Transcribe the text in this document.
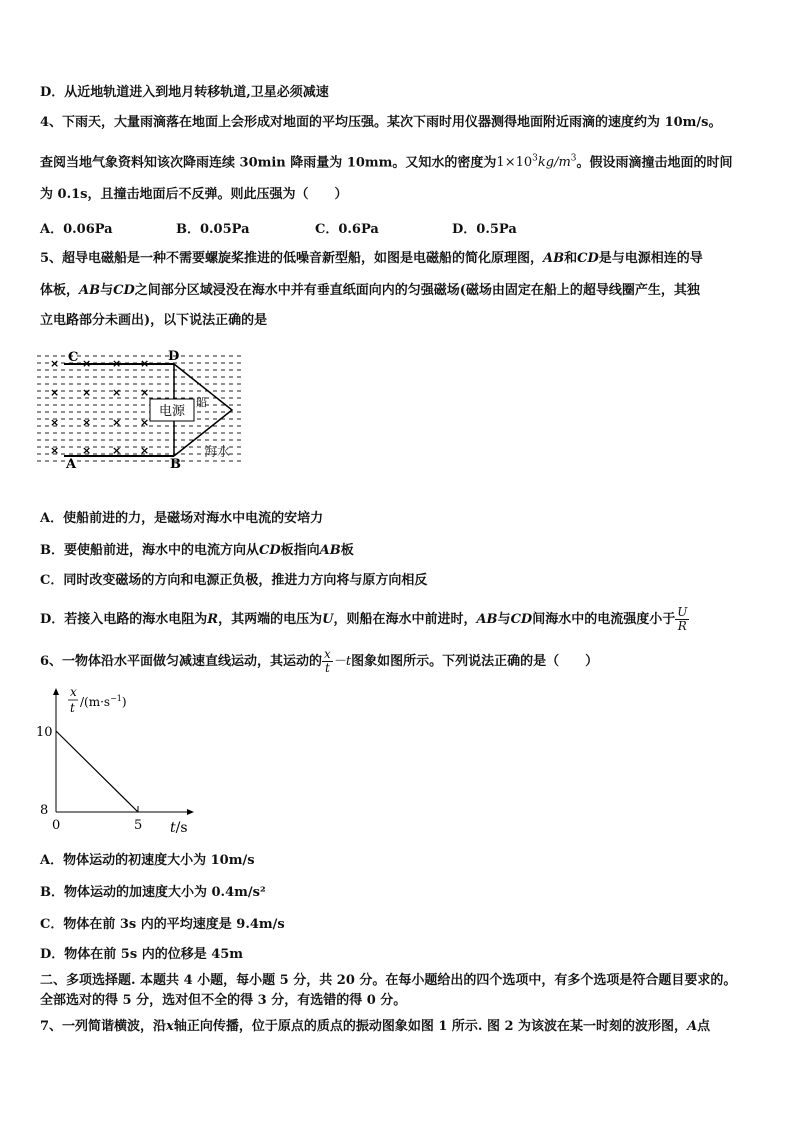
D．从近地轨道进入到地月转移轨道,卫星必须减速
4、下雨天，大量雨滴落在地面上会形成对地面的平均压强。某次下雨时用仪器测得地面附近雨滴的速度约为 10m/s。
查阅当地气象资料知该次降雨连续 30min 降雨量为 10mm。又知水的密度为$1\times 10^3kg/m^3$。假设雨滴撞击地面的时间
为 0.1s，且撞击地面后不反弹。则此压强为（　　）
A．0.06Pa	B．0.05Pa	C．0.6Pa	D．0.5Pa
5、超导电磁船是一种不需要螺旋桨推进的低噪音新型船，如图是电磁船的简化原理图，AB和CD是与电源相连的导
体板，AB与CD之间部分区域浸没在海水中并有垂直纸面向内的匀强磁场(磁场由固定在船上的超导线圈产生，其独
立电路部分未画出)，以下说法正确的是
电源
× × × ×
× × × ×
× × × ×
× × × ×
C	D
A	B
船
海水
A．使船前进的力，是磁场对海水中电流的安培力
B．要使船前进，海水中的电流方向从CD板指向AB板
C．同时改变磁场的方向和电源正负极，推进力方向将与原方向相反
D．若接入电路的海水电阻为R，其两端的电压为U，则船在海水中前进时，AB与CD间海水中的电流强度小于 $\frac{U}{R}$
6、一物体沿水平面做匀减速直线运动，其运动的 $\frac{x}{t} -t$图象如图所示。下列说法正确的是（　　）
x
t $/(m\cdot s^{-1})$
10
8
0	5 t/s
A．物体运动的初速度大小为 10m/s
B．物体运动的加速度大小为 0.4m/s²
C．物体在前 3s 内的平均速度是 9.4m/s
D．物体在前 5s 内的位移是 45m
二、多项选择题. 本题共 4 小题，每小题 5 分，共 20 分。在每小题给出的四个选项中，有多个选项是符合题目要求的。
全部选对的得 5 分，选对但不全的得 3 分，有选错的得 0 分。
7、一列简谐横波，沿x轴正向传播，位于原点的质点的振动图象如图 1 所示. 图 2 为该波在某一时刻的波形图，A点
